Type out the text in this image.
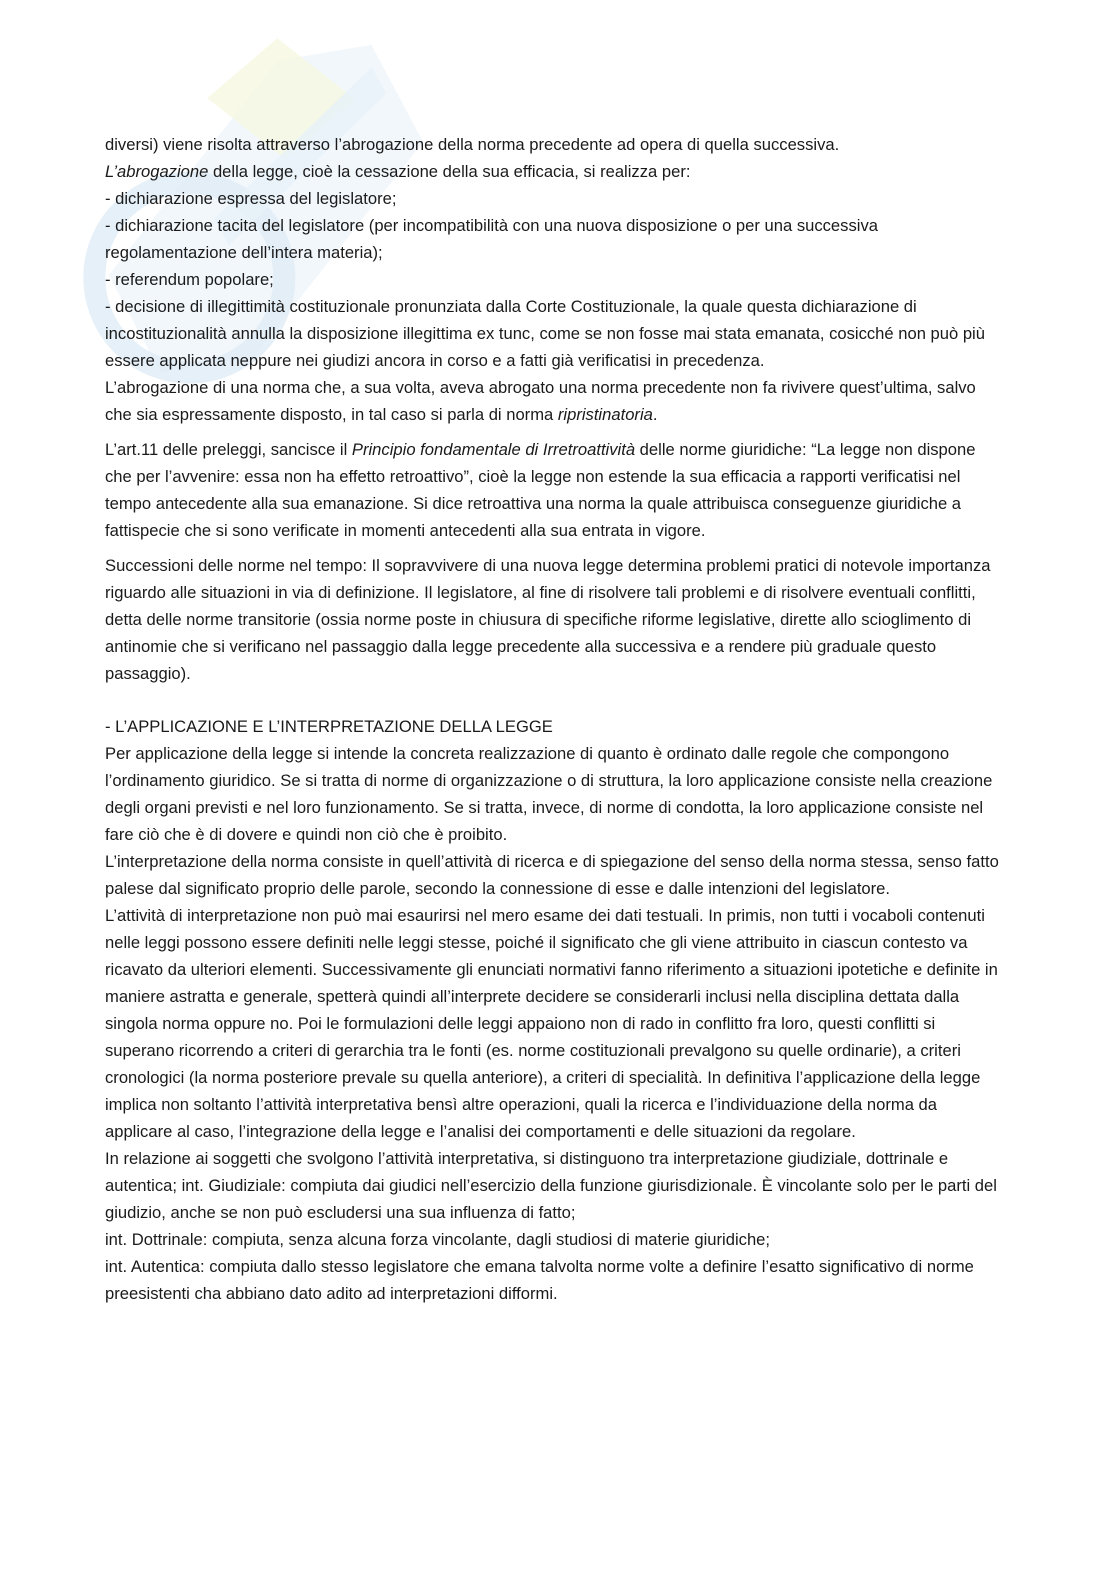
diversi) viene risolta attraverso l’abrogazione della norma precedente ad opera di quella successiva.

L’abrogazione della legge, cioè la cessazione della sua efficacia, si realizza per:

- dichiarazione espressa del legislatore;

- dichiarazione tacita del legislatore (per incompatibilità con una nuova disposizione o per una successiva regolamentazione dell’intera materia);

- referendum popolare;

- decisione di illegittimità costituzionale pronunziata dalla Corte Costituzionale, la quale questa dichiarazione di incostituzionalità annulla la disposizione illegittima ex tunc, come se non fosse mai stata emanata, cosicché non può più essere applicata neppure nei giudizi ancora in corso e a fatti già verificatisi in precedenza.

L’abrogazione di una norma che, a sua volta, aveva abrogato una norma precedente non fa rivivere quest’ultima, salvo che sia espressamente disposto, in tal caso si parla di norma ripristinatoria.

L’art.11 delle preleggi, sancisce il Principio fondamentale di Irretroattività delle norme giuridiche: “La legge non dispone che per l’avvenire: essa non ha effetto retroattivo”, cioè la legge non estende la sua efficacia a rapporti verificatisi nel tempo antecedente alla sua emanazione. Si dice retroattiva una norma la quale attribuisca conseguenze giuridiche a fattispecie che si sono verificate in momenti antecedenti alla sua entrata in vigore.

Successioni delle norme nel tempo: Il sopravvivere di una nuova legge determina problemi pratici di notevole importanza riguardo alle situazioni in via di definizione. Il legislatore, al fine di risolvere tali problemi e di risolvere eventuali conflitti, detta delle norme transitorie (ossia norme poste in chiusura di specifiche riforme legislative, dirette allo scioglimento di antinomie che si verificano nel passaggio dalla legge precedente alla successiva e a rendere più graduale questo passaggio).

- L’APPLICAZIONE E L’INTERPRETAZIONE DELLA LEGGE

Per applicazione della legge si intende la concreta realizzazione di quanto è ordinato dalle regole che compongono l’ordinamento giuridico. Se si tratta di norme di organizzazione o di struttura, la loro applicazione consiste nella creazione degli organi previsti e nel loro funzionamento. Se si tratta, invece, di norme di condotta, la loro applicazione consiste nel fare ciò che è di dovere e quindi non ciò che è proibito.

L’interpretazione della norma consiste in quell’attività di ricerca e di spiegazione del senso della norma stessa, senso fatto palese dal significato proprio delle parole, secondo la connessione di esse e dalle intenzioni del legislatore.

L’attività di interpretazione non può mai esaurirsi nel mero esame dei dati testuali. In primis, non tutti i vocaboli contenuti nelle leggi possono essere definiti nelle leggi stesse, poiché il significato che gli viene attribuito in ciascun contesto va ricavato da ulteriori elementi. Successivamente gli enunciati normativi fanno riferimento a situazioni ipotetiche e definite in maniere astratta e generale, spetterà quindi all’interprete decidere se considerarli inclusi nella disciplina dettata dalla singola norma oppure no. Poi le formulazioni delle leggi appaiono non di rado in conflitto fra loro, questi conflitti si superano ricorrendo a criteri di gerarchia tra le fonti (es. norme costituzionali prevalgono su quelle ordinarie), a criteri cronologici (la norma posteriore prevale su quella anteriore), a criteri di specialità. In definitiva l’applicazione della legge implica non soltanto l’attività interpretativa bensì altre operazioni, quali la ricerca e l’individuazione della norma da applicare al caso, l’integrazione della legge e l’analisi dei comportamenti e delle situazioni da regolare.

In relazione ai soggetti che svolgono l’attività interpretativa, si distinguono tra interpretazione giudiziale, dottrinale e autentica; int. Giudiziale: compiuta dai giudici nell’esercizio della funzione giurisdizionale. È vincolante solo per le parti del giudizio, anche se non può escludersi una sua influenza di fatto;

int. Dottrinale: compiuta, senza alcuna forza vincolante, dagli studiosi di materie giuridiche;

int. Autentica: compiuta dallo stesso legislatore che emana talvolta norme volte a definire l’esatto significativo di norme preesistenti cha abbiano dato adito ad interpretazioni difformi.
